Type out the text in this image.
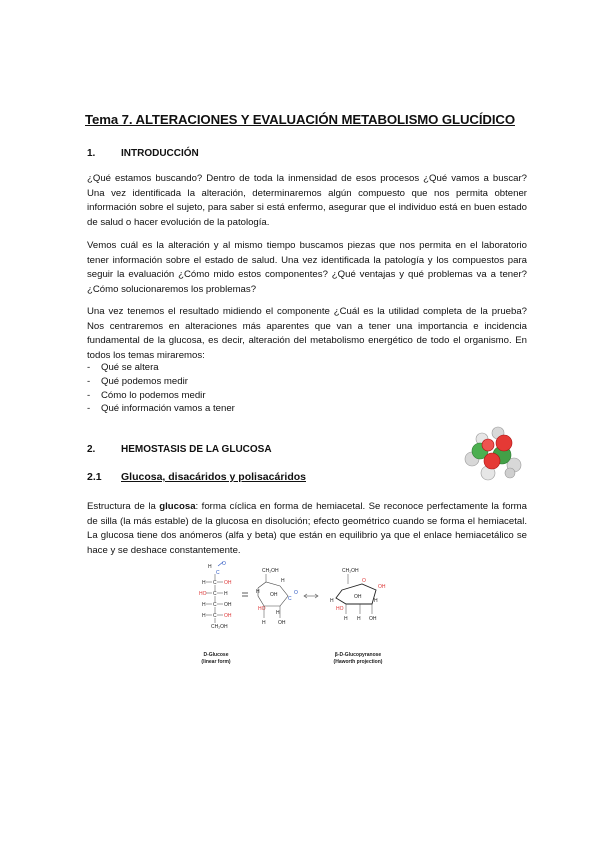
Tema 7. ALTERACIONES Y EVALUACIÓN METABOLISMO GLUCÍDICO
1.	INTRODUCCIÓN

¿Qué estamos buscando? Dentro de toda la inmensidad de esos procesos ¿Qué vamos a buscar? Una vez identificada la alteración, determinaremos algún compuesto que nos permita obtener información sobre el sujeto, para saber si está enfermo, asegurar que el individuo está en buen estado de salud o hacer evolución de la patología.

Vemos cuál es la alteración y al mismo tiempo buscamos piezas que nos permita en el laboratorio tener información sobre el estado de salud. Una vez identificada la patología y los compuestos para seguir la evaluación ¿Cómo mido estos componentes? ¿Qué ventajas y qué problemas va a tener? ¿Cómo solucionaremos los problemas?

Una vez tenemos el resultado midiendo el componente ¿Cuál es la utilidad completa de la prueba? Nos centraremos en alteraciones más aparentes que van a tener una importancia e incidencia fundamental de la glucosa, es decir, alteración del metabolismo energético de todo el organismo. En todos los temas miraremos:

- Qué se altera
- Qué podemos medir
- Cómo lo podemos medir
- Qué información vamos a tener
2.	HEMOSTASIS DE LA GLUCOSA
2.1 Glucosa, disacáridos y polisacáridos

Estructura de la glucosa: forma cíclica en forma de hemiacetal. Se reconoce perfectamente la forma de silla (la más estable) de la glucosa en disolución; efecto geométrico cuando se forma el hemiacetal. La glucosa tiene dos anómeros (alfa y beta) que están en equilibrio ya que el enlace hemiacetálico se hace y se deshace constantemente.

H
C
O
H C OH
HO C H
H C OH
H C OH
CH₂OH
CH₂OH
H OH
HO
H
C
O
H
H OH
CH₂OH
O
OH
H
HO
OH
H
H H OH
D-Glucose
(linear form)
β-D-Glucopyranose
(Haworth projection)
